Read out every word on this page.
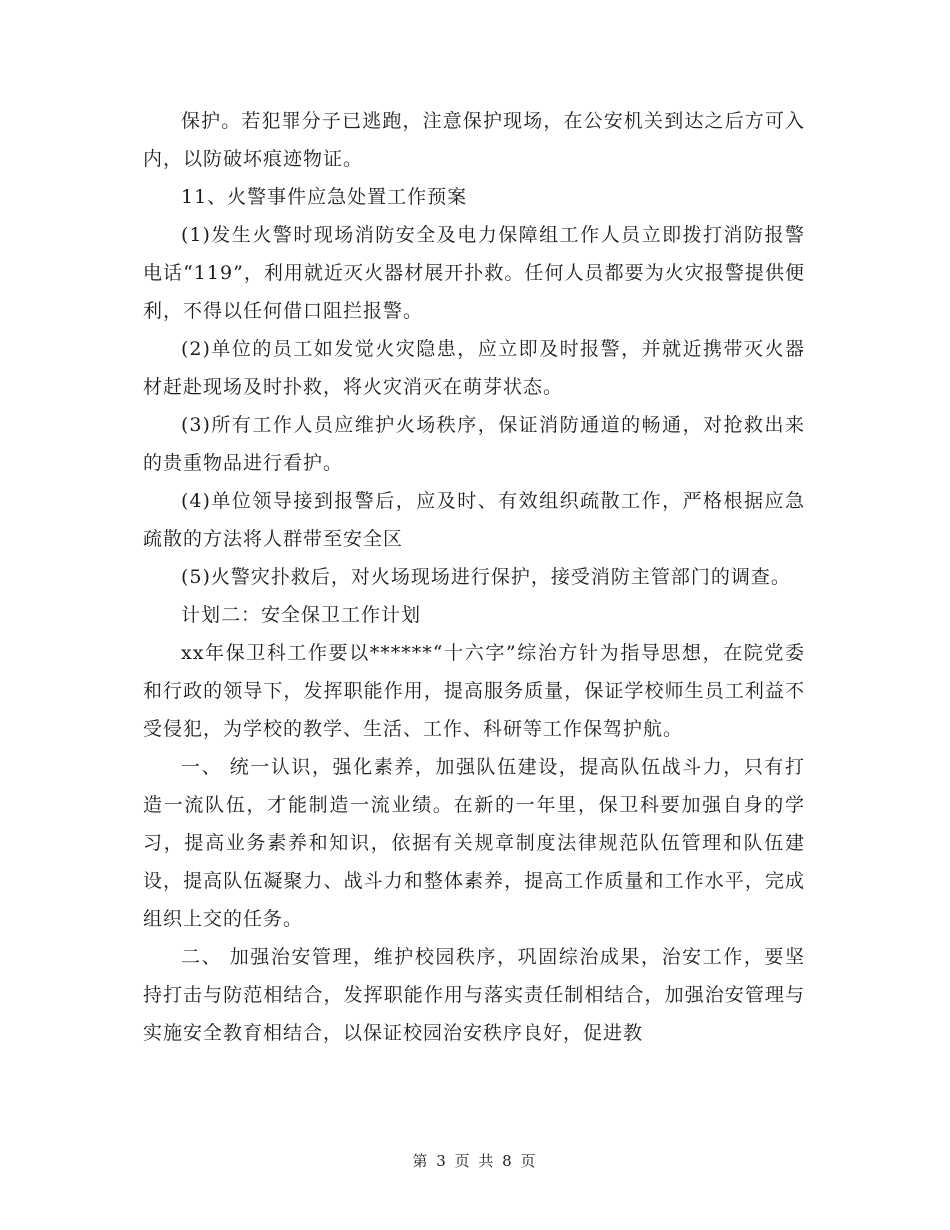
保护。若犯罪分子已逃跑，注意保护现场，在公安机关到达之后方可入内，以防破坏痕迹物证。

11、火警事件应急处置工作预案

(1)发生火警时现场消防安全及电力保障组工作人员立即拨打消防报警电话“119”，利用就近灭火器材展开扑救。任何人员都要为火灾报警提供便利，不得以任何借口阻拦报警。

(2)单位的员工如发觉火灾隐患，应立即及时报警，并就近携带灭火器材赶赴现场及时扑救，将火灾消灭在萌芽状态。

(3)所有工作人员应维护火场秩序，保证消防通道的畅通，对抢救出来的贵重物品进行看护。

(4)单位领导接到报警后，应及时、有效组织疏散工作，严格根据应急疏散的方法将人群带至安全区

(5)火警灾扑救后，对火场现场进行保护，接受消防主管部门的调查。

计划二：安全保卫工作计划

xx年保卫科工作要以******“十六字”综治方针为指导思想，在院党委和行政的领导下，发挥职能作用，提高服务质量，保证学校师生员工利益不受侵犯，为学校的教学、生活、工作、科研等工作保驾护航。

一、 统一认识，强化素养，加强队伍建设，提高队伍战斗力，只有打造一流队伍，才能制造一流业绩。在新的一年里，保卫科要加强自身的学习，提高业务素养和知识，依据有关规章制度法律规范队伍管理和队伍建设，提高队伍凝聚力、战斗力和整体素养，提高工作质量和工作水平，完成组织上交的任务。

二、 加强治安管理，维护校园秩序，巩固综治成果，治安工作，要坚持打击与防范相结合，发挥职能作用与落实责任制相结合，加强治安管理与实施安全教育相结合，以保证校园治安秩序良好，促进教

第 3 页 共 8 页
